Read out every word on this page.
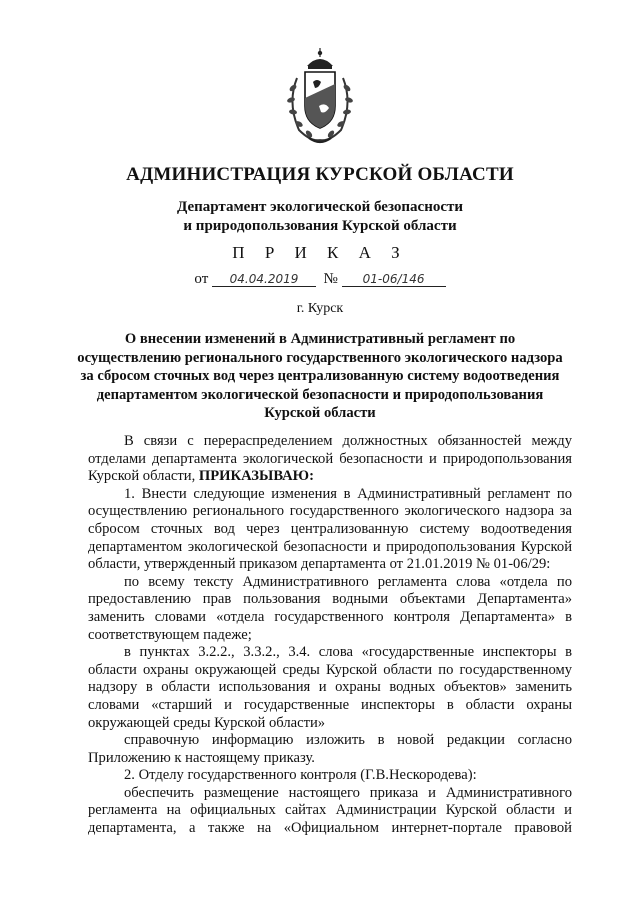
АДМИНИСТРАЦИЯ КУРСКОЙ ОБЛАСТИ
Департамент экологической безопасности
и природопользования Курской области
П Р И К А З
от 04.04.2019 № 01-06/146
г. Курск
О внесении изменений в Административный регламент по осуществлению регионального государственного экологического надзора за сбросом сточных вод через централизованную систему водоотведения департаментом экологической безопасности и природопользования Курской области

В связи с перераспределением должностных обязанностей между отделами департамента экологической безопасности и природопользования Курской области, ПРИКАЗЫВАЮ:

1. Внести следующие изменения в Административный регламент по осуществлению регионального государственного экологического надзора за сбросом сточных вод через централизованную систему водоотведения департаментом экологической безопасности и природопользования Курской области, утвержденный приказом департамента от 21.01.2019 № 01-06/29:

по всему тексту Административного регламента слова «отдела по предоставлению прав пользования водными объектами Департамента» заменить словами «отдела государственного контроля Департамента» в соответствующем падеже;

в пунктах 3.2.2., 3.3.2., 3.4. слова «государственные инспекторы в области охраны окружающей среды Курской области по государственному надзору в области использования и охраны водных объектов» заменить словами «старший и государственные инспекторы в области охраны окружающей среды Курской области»

справочную информацию изложить в новой редакции согласно Приложению к настоящему приказу.

2. Отделу государственного контроля (Г.В.Нескородева):

обеспечить размещение настоящего приказа и Административного регламента на официальных сайтах Администрации Курской области и департамента, а также на «Официальном интернет-портале правовой
